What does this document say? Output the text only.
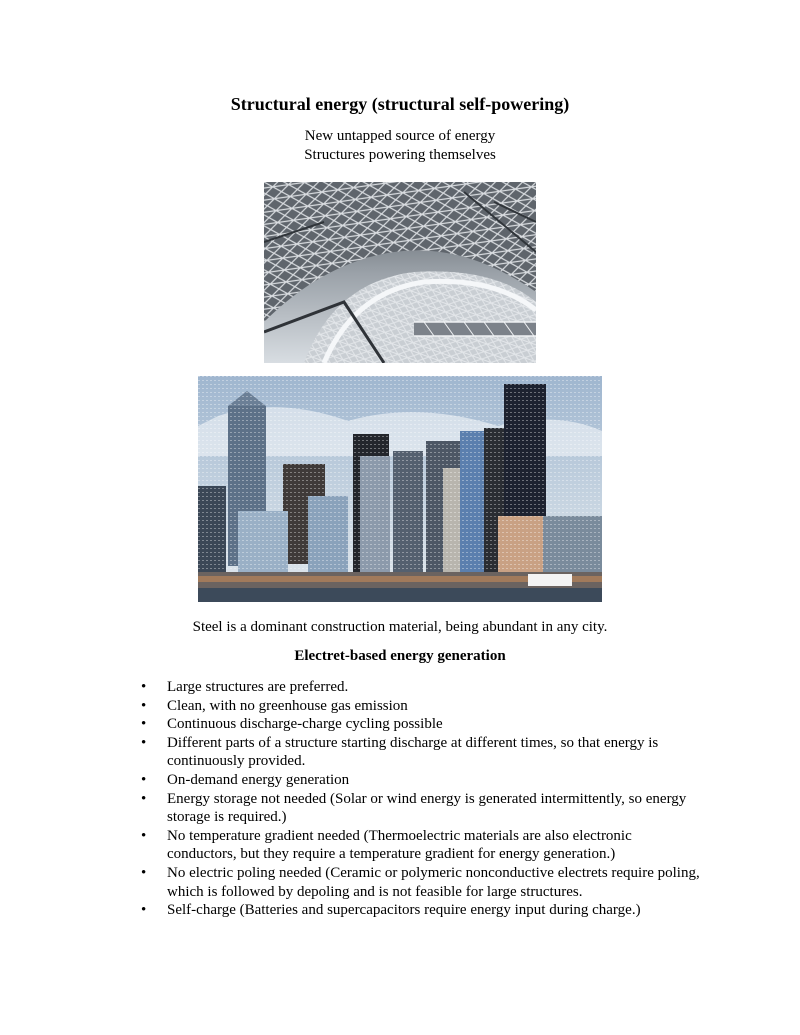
Structural energy (structural self-powering)
New untapped source of energy
Structures powering themselves
Steel is a dominant construction material, being abundant in any city.
Electret-based energy generation
• Large structures are preferred.
• Clean, with no greenhouse gas emission
• Continuous discharge-charge cycling possible
• Different parts of a structure starting discharge at different times, so that energy is continuously provided.
• On-demand energy generation
• Energy storage not needed (Solar or wind energy is generated intermittently, so energy storage is required.)
• No temperature gradient needed (Thermoelectric materials are also electronic conductors, but they require a temperature gradient for energy generation.)
• No electric poling needed (Ceramic or polymeric nonconductive electrets require poling, which is followed by depoling and is not feasible for large structures.
• Self-charge (Batteries and supercapacitors require energy input during charge.)
